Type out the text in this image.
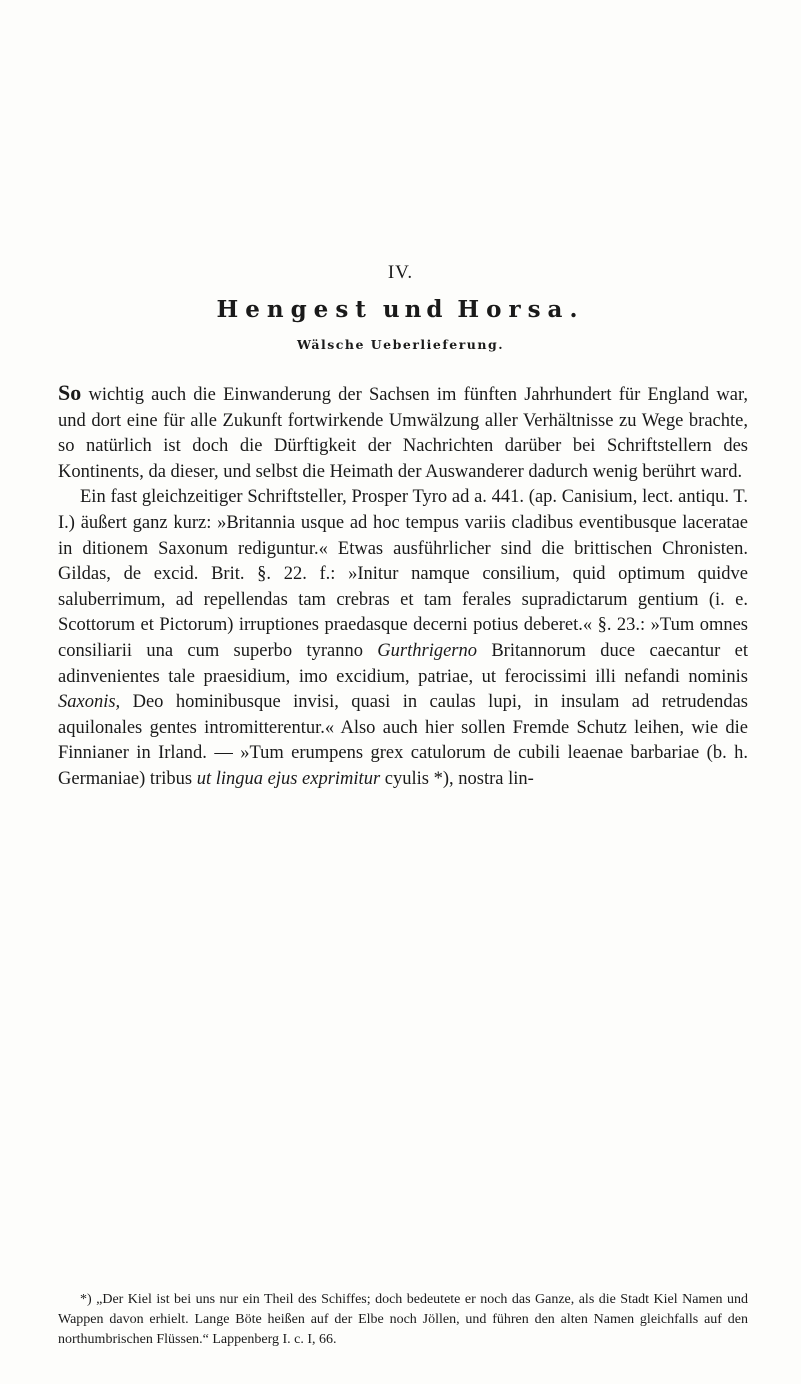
IV.
Hengest und Horsa.
Wälsche Ueberlieferung.

So wichtig auch die Einwanderung der Sachsen im fünften Jahrhundert für England war, und dort eine für alle Zukunft fortwirkende Umwälzung aller Verhältnisse zu Wege brachte, so natürlich ist doch die Dürftigkeit der Nachrichten darüber bei Schriftstellern des Kontinents, da dieser, und selbst die Heimath der Auswanderer dadurch wenig berührt ward.

Ein fast gleichzeitiger Schriftsteller, Prosper Tyro ad a. 441. (ap. Canisium, lect. antiqu. T. I.) äußert ganz kurz: »Britannia usque ad hoc tempus variis cladibus eventibusque laceratae in ditionem Saxonum rediguntur.« Etwas ausführlicher sind die brittischen Chronisten. Gildas, de excid. Brit. §. 22. f.: »Initur namque consilium, quid optimum quidve saluberrimum, ad repellendas tam crebras et tam ferales supradictarum gentium (i. e. Scottorum et Pictorum) irruptiones praedasque decerni potius deberet.« §. 23.: »Tum omnes consiliarii una cum superbo tyranno Gurthrigerno Britannorum duce caecantur et adinvenientes tale praesidium, imo excidium, patriae, ut ferocissimi illi nefandi nominis Saxonis, Deo hominibusque invisi, quasi in caulas lupi, in insulam ad retrudendas aquilonales gentes intromitterentur.« Also auch hier sollen Fremde Schutz leihen, wie die Finnianer in Irland. — »Tum erumpens grex catulorum de cubili leaenae barbariae (b. h. Germaniae) tribus ut lingua ejus exprimitur cyulis *), nostra lin-

*) „Der Kiel ist bei uns nur ein Theil des Schiffes; doch bedeutete er noch das Ganze, als die Stadt Kiel Namen und Wappen davon erhielt. Lange Böte heißen auf der Elbe noch Jöllen, und führen den alten Namen gleichfalls auf den northumbrischen Flüssen.“ Lappenberg I. c. I, 66.
